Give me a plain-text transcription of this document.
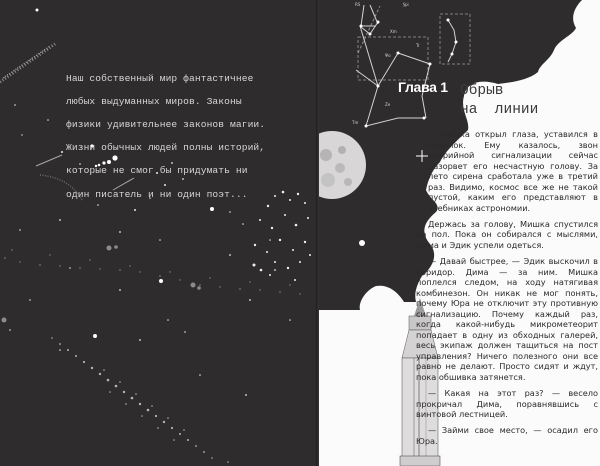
Наш собственный мир фантастичнее

любых выдуманных миров. Законы

физики удивительнее законов магии.

Жизни обычных людей полны историй,

которые не смог бы придумать ни

один писатель и ни один поэт...

RS	§pi
Xm
Tr
Ψo
Ze
Tm
Глава 1 Обрыв
на  линии

Мишка открыл глаза, уставился в потолок. Ему казалось, звон аварийной сигнализации сейчас разорвет его несчастную голову. За лето сирена сработала уже в третий раз. Видимо, космос все же не такой пустой, каким его представляют в учебниках астрономии.

Держась за голову, Мишка спустился на пол. Пока он собирался с мыслями, Дима и Эдик успели одеться.

— Давай быстрее, — Эдик выскочил в коридор. Дима — за ним. Мишка поплелся следом, на ходу натягивая комбинезон. Он никак не мог понять, почему Юра не отключит эту противную сигнализацию. Почему каждый раз, когда какой-нибудь микрометеорит попадает в одну из обходных галерей, весь экипаж должен тащиться на пост управления? Ничего полезного они все равно не делают. Просто сидят и ждут, пока обшивка затянется.

— Какая на этот раз? — весело прокричал Дима, поравнявшись с винтовой лестницей.

— Займи свое место, — осадил его Юра.
